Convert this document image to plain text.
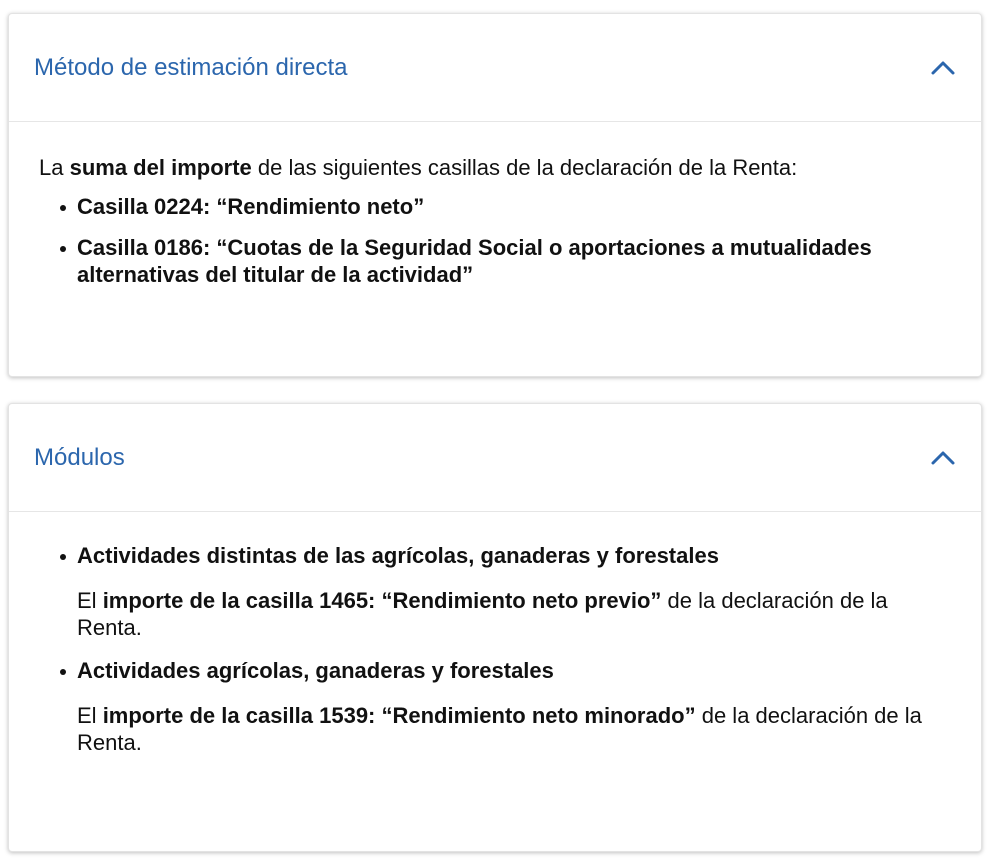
Método de estimación directa

La suma del importe de las siguientes casillas de la declaración de la Renta:

Casilla 0224: “Rendimiento neto”
Casilla 0186: “Cuotas de la Seguridad Social o aportaciones a mutualidades alternativas del titular de la actividad”
Módulos
Actividades distintas de las agrícolas, ganaderas y forestales

El importe de la casilla 1465: “Rendimiento neto previo” de la declaración de la Renta.

Actividades agrícolas, ganaderas y forestales

El importe de la casilla 1539: “Rendimiento neto minorado” de la declaración de la Renta.
